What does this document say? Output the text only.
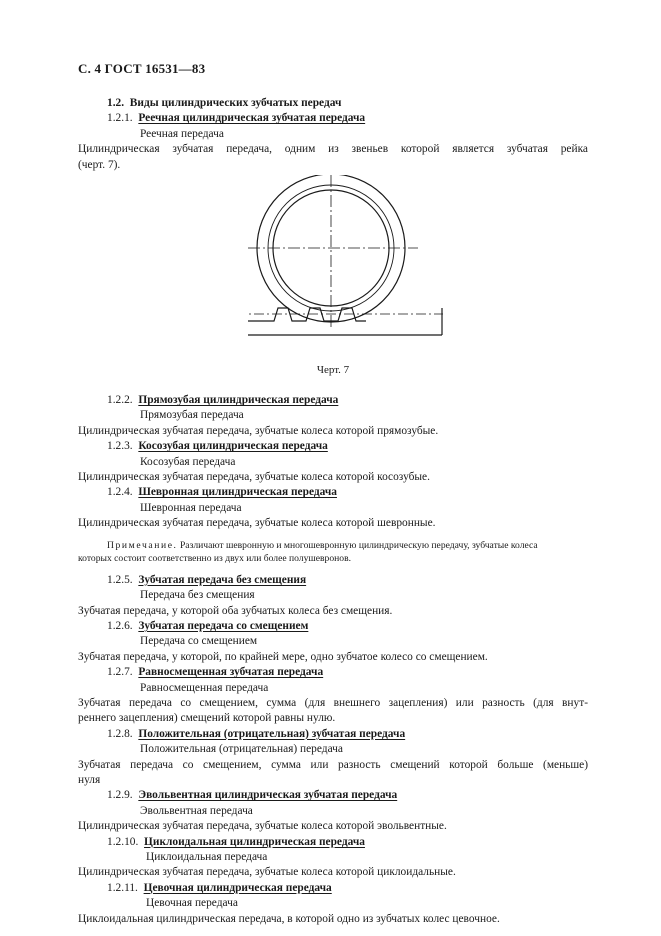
С. 4 ГОСТ 16531—83
1.2. Виды цилиндрических зубчатых передач
1.2.1. Реечная цилиндрическая зубчатая передача
Реечная передача
Цилиндрическая зубчатая передача, одним из звеньев которой является зубчатая рейка
(черт. 7).
Черт. 7
1.2.2. Прямозубая цилиндрическая передача
Прямозубая передача
Цилиндрическая зубчатая передача, зубчатые колеса которой прямозубые.
1.2.3. Косозубая цилиндрическая передача
Косозубая передача
Цилиндрическая зубчатая передача, зубчатые колеса которой косозубые.
1.2.4. Шевронная цилиндрическая передача
Шевронная передача
Цилиндрическая зубчатая передача, зубчатые колеса которой шевронные.
Примечание. Различают шевронную и многошевронную цилиндрическую передачу, зубчатые колеса
которых состоит соответственно из двух или более полушевронов.
1.2.5. Зубчатая передача без смещения
Передача без смещения
Зубчатая передача, у которой оба зубчатых колеса без смещения.
1.2.6. Зубчатая передача со смещением
Передача со смещением
Зубчатая передача, у которой, по крайней мере, одно зубчатое колесо со смещением.
1.2.7. Равносмещенная зубчатая передача
Равносмещенная передача
Зубчатая передача со смещением, сумма (для внешнего зацепления) или разность (для внут-
реннего зацепления) смещений которой равны нулю.
1.2.8. Положительная (отрицательная) зубчатая передача
Положительная (отрицательная) передача
Зубчатая передача со смещением, сумма или разность смещений которой больше (меньше)
нуля
1.2.9. Эвольвентная цилиндрическая зубчатая передача
Эвольвентная передача
Цилиндрическая зубчатая передача, зубчатые колеса которой эвольвентные.
1.2.10. Циклоидальная цилиндрическая передача
Циклоидальная передача
Цилиндрическая зубчатая передача, зубчатые колеса которой циклоидальные.
1.2.11. Цевочная цилиндрическая передача
Цевочная передача
Циклоидальная цилиндрическая передача, в которой одно из зубчатых колес цевочное.
